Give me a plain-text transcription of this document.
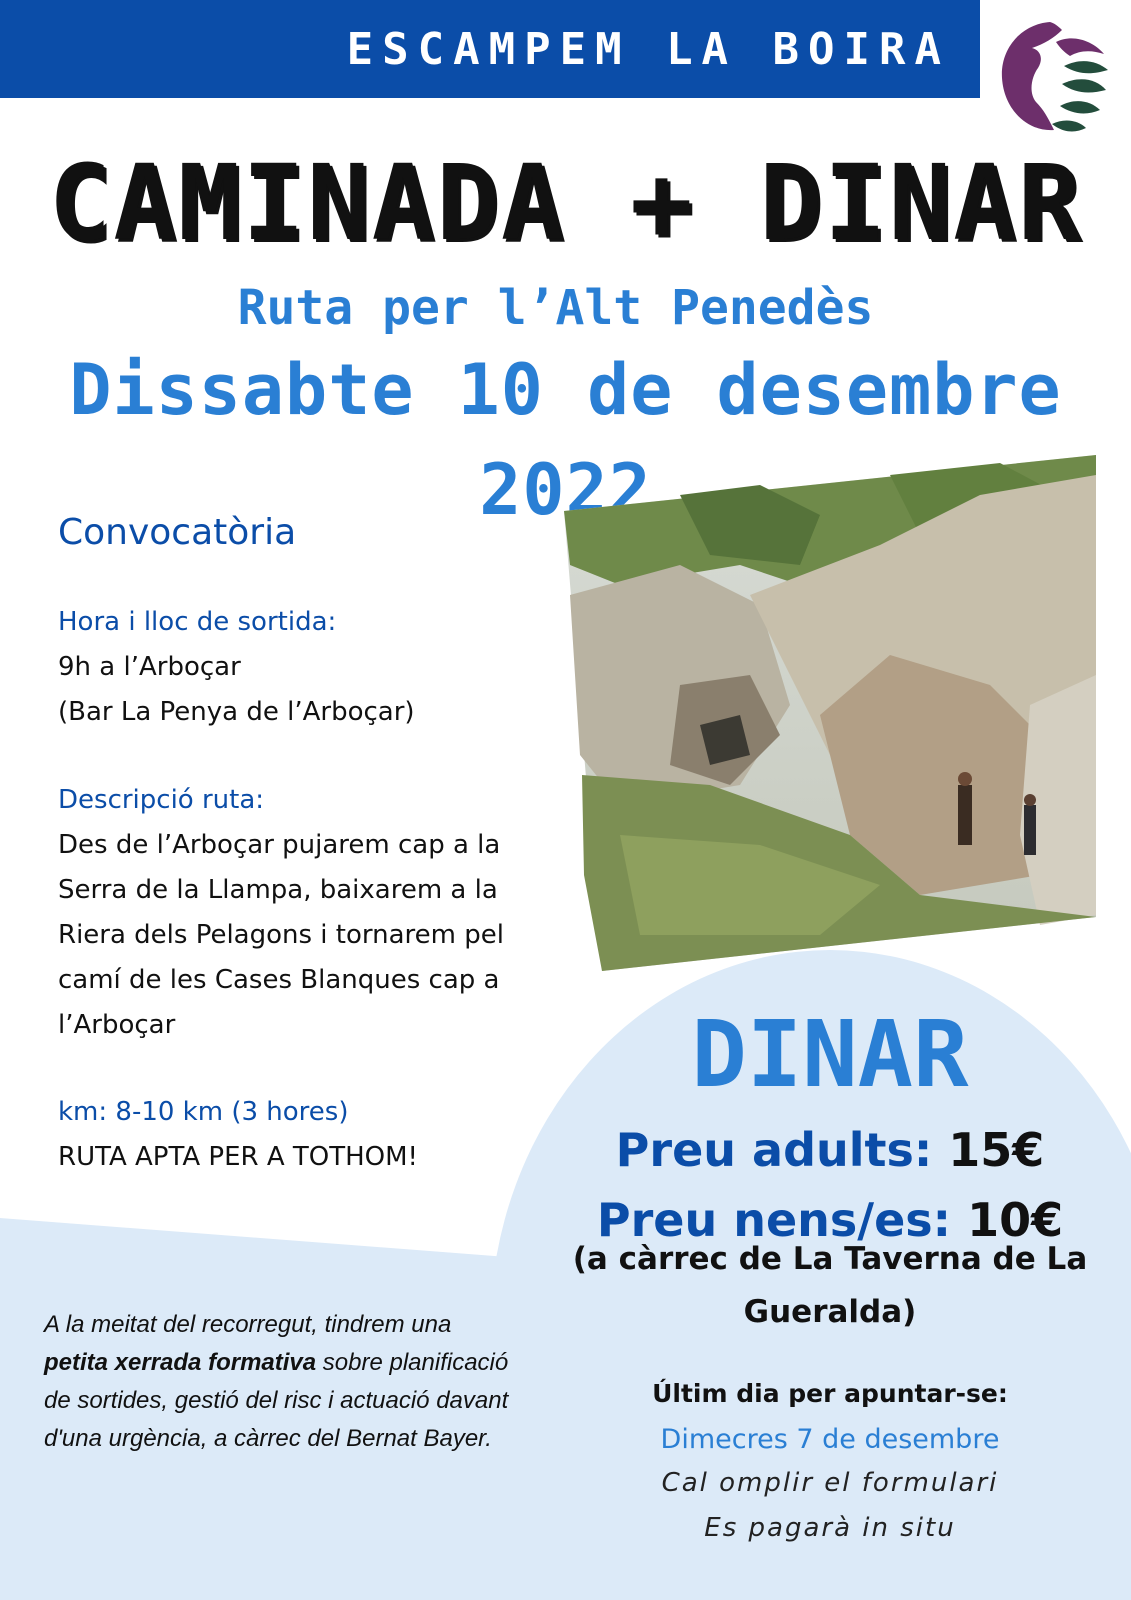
ESCAMPEM LA BOIRA
CAMINADA + DINAR
Ruta per l’Alt Penedès
Dissabte 10 de desembre 2022
Convocatòria
Hora i lloc de sortida:
9h a l’Arboçar
(Bar La Penya de l’Arboçar)
Descripció ruta:
Des de l’Arboçar pujarem cap a la
Serra de la Llampa, baixarem a la
Riera dels Pelagons i tornarem pel
camí de les Cases Blanques cap a
l’Arboçar
km: 8-10 km (3 hores)
RUTA APTA PER A TOTHOM!
DINAR
Preu adults: 15€
Preu nens/es: 10€
(a càrrec de La Taverna de La
Gueralda)
Últim dia per apuntar-se:
Dimecres 7 de desembre
Cal omplir el formulari
Es pagarà in situ
A la meitat del recorregut, tindrem una petita xerrada formativa sobre planificació de sortides, gestió del risc i actuació davant d'una urgència, a càrrec del Bernat Bayer.
